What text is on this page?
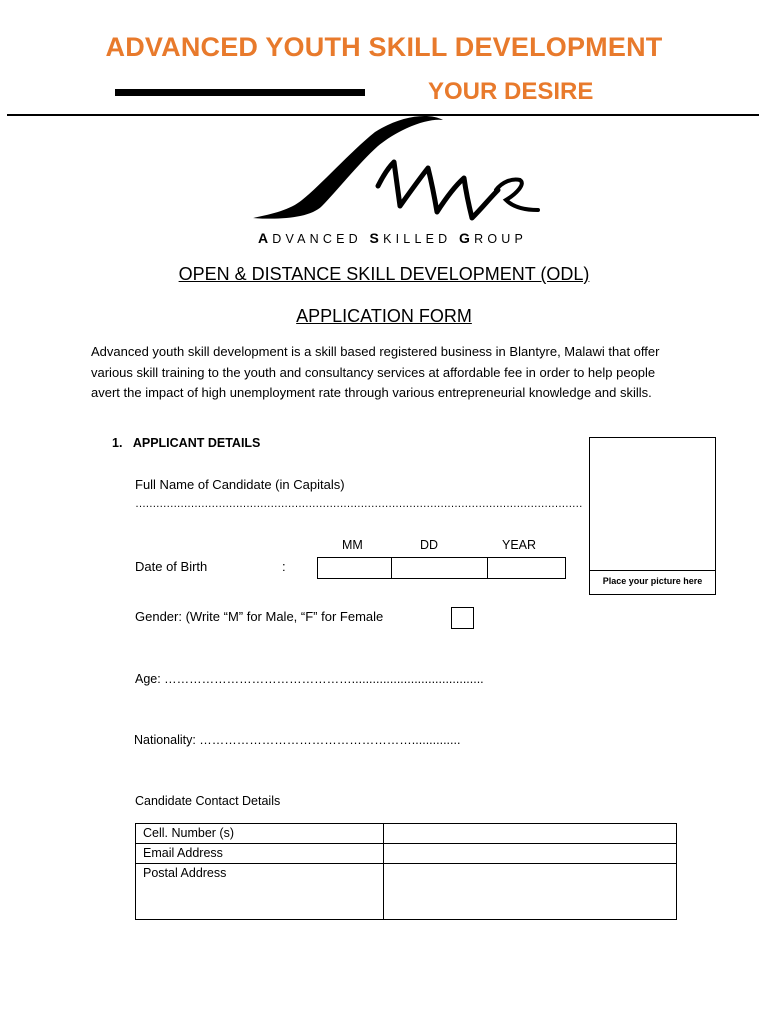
ADVANCED YOUTH SKILL DEVELOPMENT
YOUR DESIRE
ADVANCED SKILLED GROUP
OPEN & DISTANCE SKILL DEVELOPMENT (ODL)
APPLICATION FORM
Advanced youth skill development is a skill based registered business in Blantyre, Malawi that offer various skill training to the youth and consultancy services at affordable fee in order to help people avert the impact of high unemployment rate through various entrepreneurial knowledge and skills.
1.   APPLICANT DETAILS
Place your picture here
Full Name of Candidate (in Capitals)
…………………………………………………………………………………………………………………
MM	DD	YEAR
Date of Birth	:
Gender: (Write “M” for Male, “F” for Female
Age: ………………………………………......................................
Nationality: ……………………………………………..............
Candidate Contact Details
Cell. Number (s)	
Email Address	
Postal Address	
